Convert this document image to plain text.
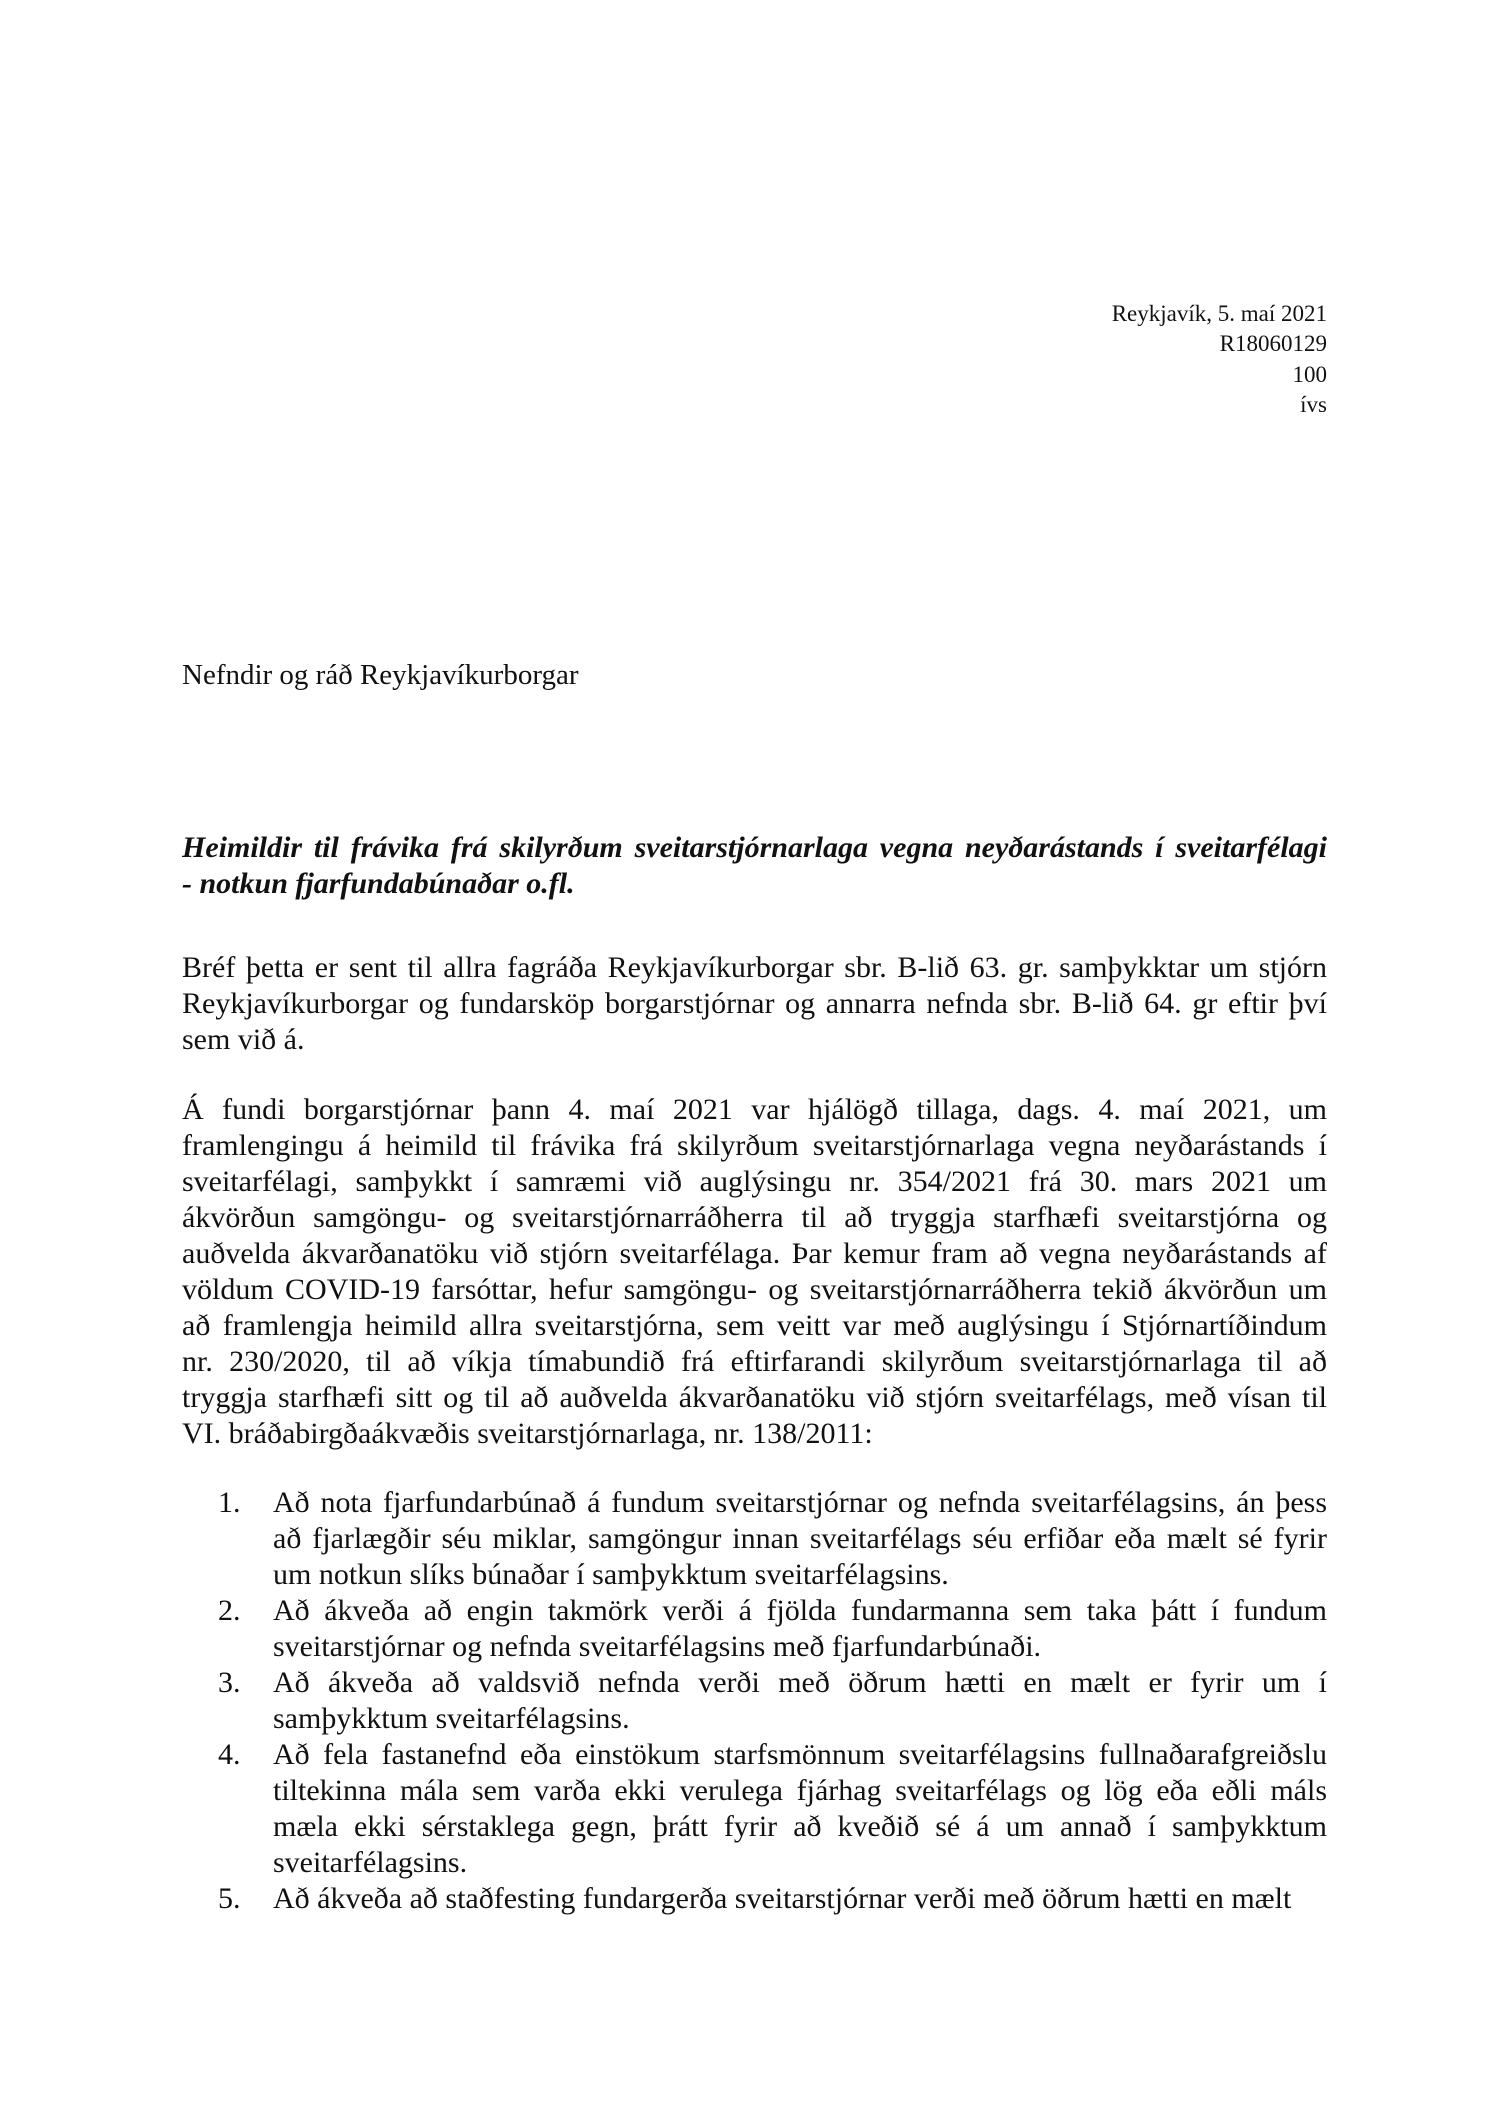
Reykjavík, 5. maí 2021
R18060129
100
ívs
Nefndir og ráð Reykjavíkurborgar
Heimildir til frávika frá skilyrðum sveitarstjórnarlaga vegna neyðarástands í sveitarfélagi
- notkun fjarfundabúnaðar o.fl.
Bréf þetta er sent til allra fagráða Reykjavíkurborgar sbr. B-lið 63. gr. samþykktar um stjórn
Reykjavíkurborgar og fundarsköp borgarstjórnar og annarra nefnda sbr. B-lið 64. gr eftir því
sem við á.
Á fundi borgarstjórnar þann 4. maí 2021 var hjálögð tillaga, dags. 4. maí 2021, um
framlengingu á heimild til frávika frá skilyrðum sveitarstjórnarlaga vegna neyðarástands í
sveitarfélagi, samþykkt í samræmi við auglýsingu nr. 354/2021 frá 30. mars 2021 um
ákvörðun samgöngu- og sveitarstjórnarráðherra til að tryggja starfhæfi sveitarstjórna og
auðvelda ákvarðanatöku við stjórn sveitarfélaga. Þar kemur fram að vegna neyðarástands af
völdum COVID-19 farsóttar, hefur samgöngu- og sveitarstjórnarráðherra tekið ákvörðun um
að framlengja heimild allra sveitarstjórna, sem veitt var með auglýsingu í Stjórnartíðindum
nr. 230/2020, til að víkja tímabundið frá eftirfarandi skilyrðum sveitarstjórnarlaga til að
tryggja starfhæfi sitt og til að auðvelda ákvarðanatöku við stjórn sveitarfélags, með vísan til
VI. bráðabirgðaákvæðis sveitarstjórnarlaga, nr. 138/2011:
1.	Að nota fjarfundarbúnað á fundum sveitarstjórnar og nefnda sveitarfélagsins, án þess
að fjarlægðir séu miklar, samgöngur innan sveitarfélags séu erfiðar eða mælt sé fyrir
um notkun slíks búnaðar í samþykktum sveitarfélagsins.
2.	Að ákveða að engin takmörk verði á fjölda fundarmanna sem taka þátt í fundum
sveitarstjórnar og nefnda sveitarfélagsins með fjarfundarbúnaði.
3.	Að ákveða að valdsvið nefnda verði með öðrum hætti en mælt er fyrir um í
samþykktum sveitarfélagsins.
4.	Að fela fastanefnd eða einstökum starfsmönnum sveitarfélagsins fullnaðarafgreiðslu
tiltekinna mála sem varða ekki verulega fjárhag sveitarfélags og lög eða eðli máls
mæla ekki sérstaklega gegn, þrátt fyrir að kveðið sé á um annað í samþykktum
sveitarfélagsins.
5.	Að ákveða að staðfesting fundargerða sveitarstjórnar verði með öðrum hætti en mælt
